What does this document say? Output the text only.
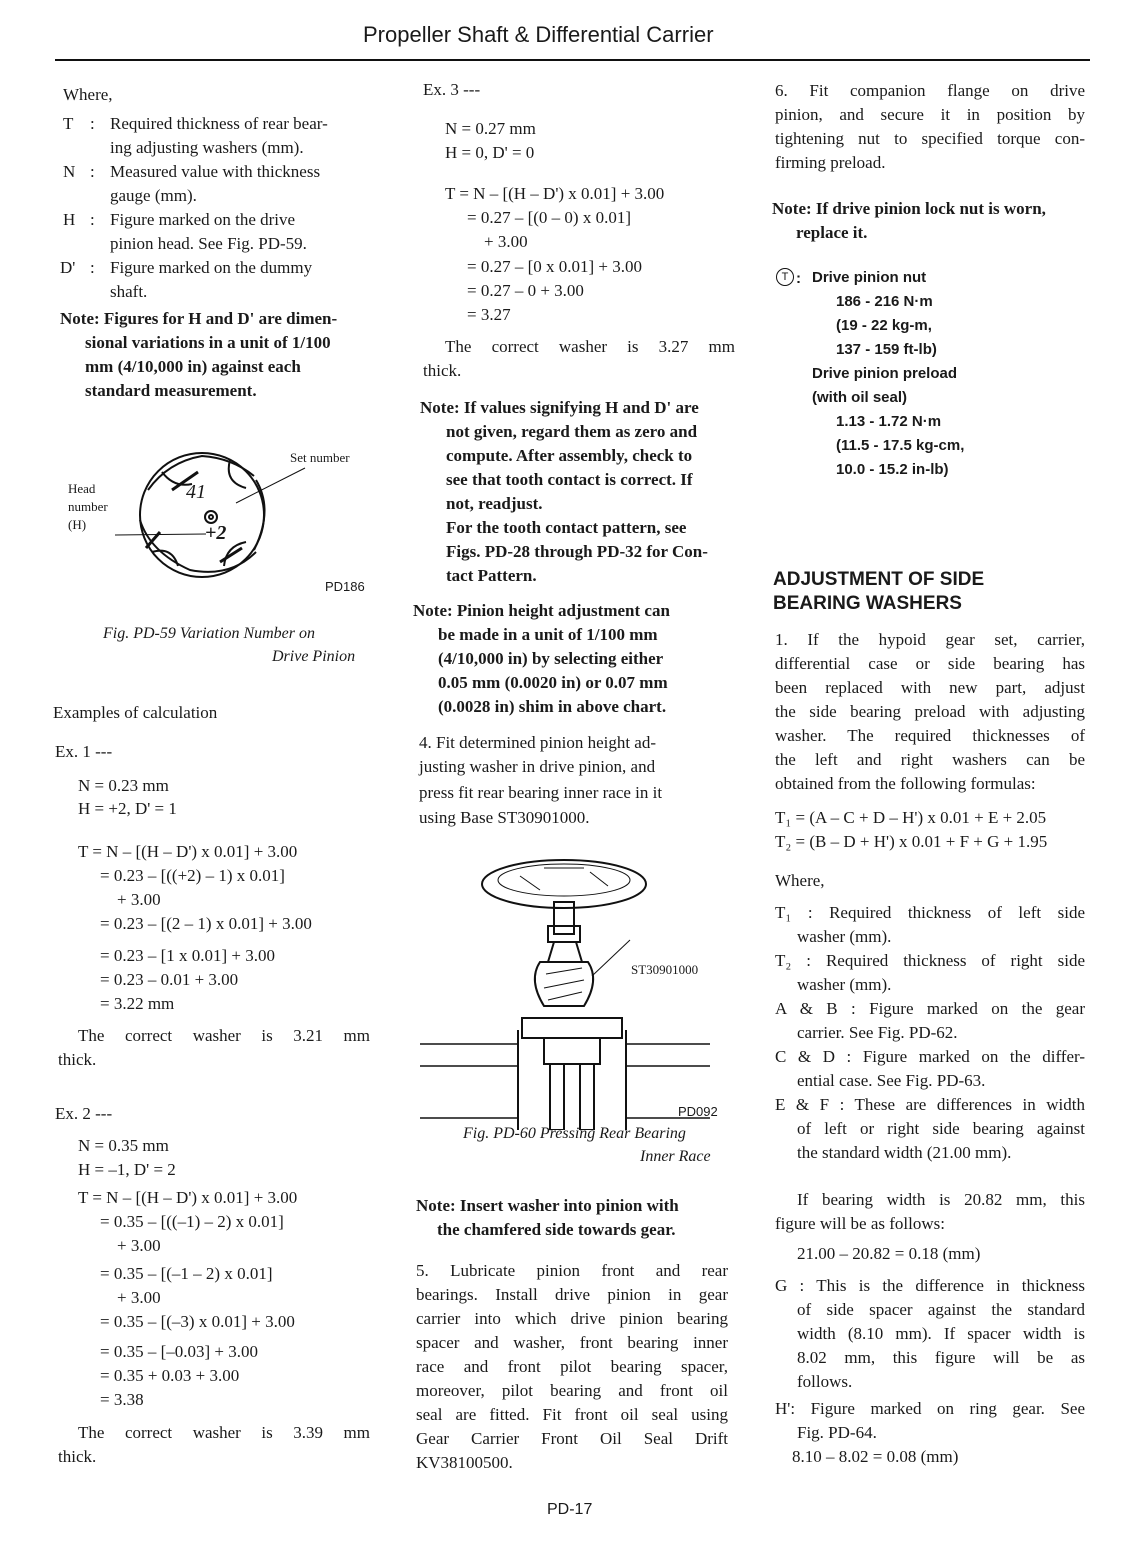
Propeller Shaft & Differential Carrier
Where,
T : Required thickness of rear bear-
ing adjusting washers (mm).
N : Measured value with thickness
gauge (mm).
H : Figure marked on the drive
pinion head. See Fig. PD-59.
D' : Figure marked on the dummy
shaft.
Note: Figures for H and D' are dimen-
sional variations in a unit of 1/100
mm (4/10,000 in) against each
standard measurement.
Head
number
(H)
Set number
41
+2
PD186
Fig. PD-59 Variation Number on
Drive Pinion
Examples of calculation
Ex. 1 ---
N = 0.23 mm
H = +2, D' = 1
T = N – [(H – D') x 0.01] + 3.00
= 0.23 – [((+2) – 1) x 0.01]
+ 3.00
= 0.23 – [(2 – 1) x 0.01] + 3.00
= 0.23 – [1 x 0.01] + 3.00
= 0.23 – 0.01 + 3.00
= 3.22 mm
The correct washer is 3.21 mm
thick.
Ex. 2 ---
N = 0.35 mm
H = –1, D' = 2
T = N – [(H – D') x 0.01] + 3.00
= 0.35 – [((–1) – 2) x 0.01]
+ 3.00
= 0.35 – [(–1 – 2) x 0.01]
+ 3.00
= 0.35 – [(–3) x 0.01] + 3.00
= 0.35 – [–0.03] + 3.00
= 0.35 + 0.03 + 3.00
= 3.38
The correct washer is 3.39 mm
thick.
Ex. 3 ---
N = 0.27 mm
H = 0, D' = 0
T = N – [(H – D') x 0.01] + 3.00
= 0.27 – [(0 – 0) x 0.01]
+ 3.00
= 0.27 – [0 x 0.01] + 3.00
= 0.27 – 0 + 3.00
= 3.27
The correct washer is 3.27 mm
thick.
Note: If values signifying H and D' are
not given, regard them as zero and
compute. After assembly, check to
see that tooth contact is correct. If
not, readjust.
For the tooth contact pattern, see
Figs. PD-28 through PD-32 for Con-
tact Pattern.
Note: Pinion height adjustment can
be made in a unit of 1/100 mm
(4/10,000 in) by selecting either
0.05 mm (0.0020 in) or 0.07 mm
(0.0028 in) shim in above chart.
4. Fit determined pinion height ad-
justing washer in drive pinion, and
press fit rear bearing inner race in it
using Base ST30901000.
ST30901000
PD092
Fig. PD-60 Pressing Rear Bearing
Inner Race
Note: Insert washer into pinion with
the chamfered side towards gear.
5. Lubricate pinion front and rear
bearings. Install drive pinion in gear
carrier into which drive pinion bearing
spacer and washer, front bearing inner
race and front pilot bearing spacer,
moreover, pilot bearing and front oil
seal are fitted. Fit front oil seal using
Gear Carrier Front Oil Seal Drift
KV38100500.
6. Fit companion flange on drive
pinion, and secure it in position by
tightening nut to specified torque con-
firming preload.
Note: If drive pinion lock nut is worn,
replace it.
T : Drive pinion nut
186 - 216 N·m
(19 - 22 kg-m,
137 - 159 ft-lb)
Drive pinion preload
(with oil seal)
1.13 - 1.72 N·m
(11.5 - 17.5 kg-cm,
10.0 - 15.2 in-lb)
ADJUSTMENT OF SIDE
BEARING WASHERS
1. If the hypoid gear set, carrier,
differential case or side bearing has
been replaced with new part, adjust
the side bearing preload with adjusting
washer. The required thicknesses of
the left and right washers can be
obtained from the following formulas:
T₁ = (A – C + D – H') x 0.01 + E + 2.05
T₂ = (B – D + H') x 0.01 + F + G + 1.95
Where,
T₁ : Required thickness of left side
washer (mm).
T₂ : Required thickness of right side
washer (mm).
A & B : Figure marked on the gear
carrier. See Fig. PD-62.
C & D : Figure marked on the differ-
ential case. See Fig. PD-63.
E & F : These are differences in width
of left or right side bearing against
the standard width (21.00 mm).
If bearing width is 20.82 mm, this
figure will be as follows:
21.00 – 20.82 = 0.18 (mm)
G : This is the difference in thickness
of side spacer against the standard
width (8.10 mm). If spacer width is
8.02 mm, this figure will be as
follows.
H': Figure marked on ring gear. See
Fig. PD-64.
8.10 – 8.02 = 0.08 (mm)
PD-17
